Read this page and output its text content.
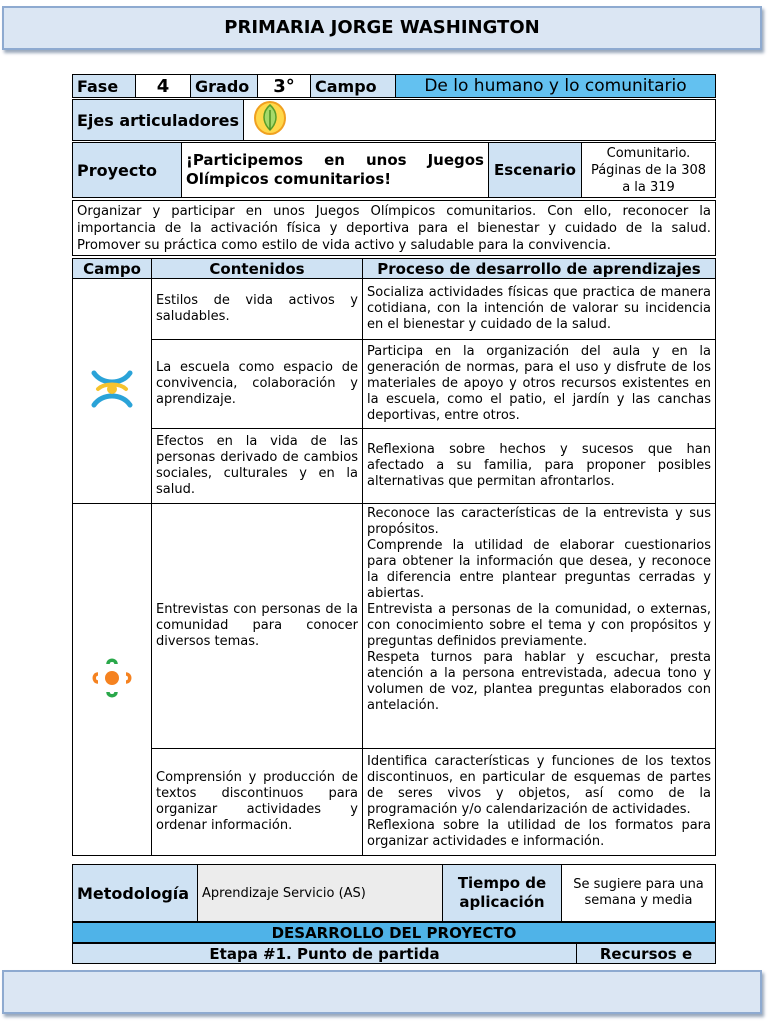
PRIMARIA JORGE WASHINGTON
Fase	4	Grado	3°	Campo	De lo humano y lo comunitario
Ejes articuladores	
Proyecto	¡Participemos en unos Juegos Olímpicos comunitarios!	Escenario	Comunitario. Páginas de la 308 a la 319
Organizar y participar en unos Juegos Olímpicos comunitarios. Con ello, reconocer la importancia de la activación física y deportiva para el bienestar y cuidado de la salud. Promover su práctica como estilo de vida activo y saludable para la convivencia.
Campo	Contenidos	Proceso de desarrollo de aprendizajes
	Estilos de vida activos y saludables.	Socializa actividades físicas que practica de manera cotidiana, con la intención de valorar su incidencia en el bienestar y cuidado de la salud.
	La escuela como espacio de convivencia, colaboración y aprendizaje.	Participa en la organización del aula y en la generación de normas, para el uso y disfrute de los materiales de apoyo y otros recursos existentes en la escuela, como el patio, el jardín y las canchas deportivas, entre otros.
	Efectos en la vida de las personas derivado de cambios sociales, culturales y en la salud.	Reflexiona sobre hechos y sucesos que han afectado a su familia, para proponer posibles alternativas que permitan afrontarlos.
	Entrevistas con personas de la comunidad para conocer diversos temas.	Reconoce las características de la entrevista y sus propósitos.
Comprende la utilidad de elaborar cuestionarios para obtener la información que desea, y reconoce la diferencia entre plantear preguntas cerradas y abiertas.
Entrevista a personas de la comunidad, o externas, con conocimiento sobre el tema y con propósitos y preguntas definidos previamente.
Respeta turnos para hablar y escuchar, presta atención a la persona entrevistada, adecua tono y volumen de voz, plantea preguntas elaborados con antelación.
	Comprensión y producción de textos discontinuos para organizar actividades y ordenar información.	Identifica características y funciones de los textos discontinuos, en particular de esquemas de partes de seres vivos y objetos, así como de la programación y/o calendarización de actividades.
Reflexiona sobre la utilidad de los formatos para organizar actividades e información.
Metodología	Aprendizaje Servicio (AS)	Tiempo de aplicación	Se sugiere para una semana y media
DESARROLLO DEL PROYECTO
Etapa #1. Punto de partida	Recursos e
